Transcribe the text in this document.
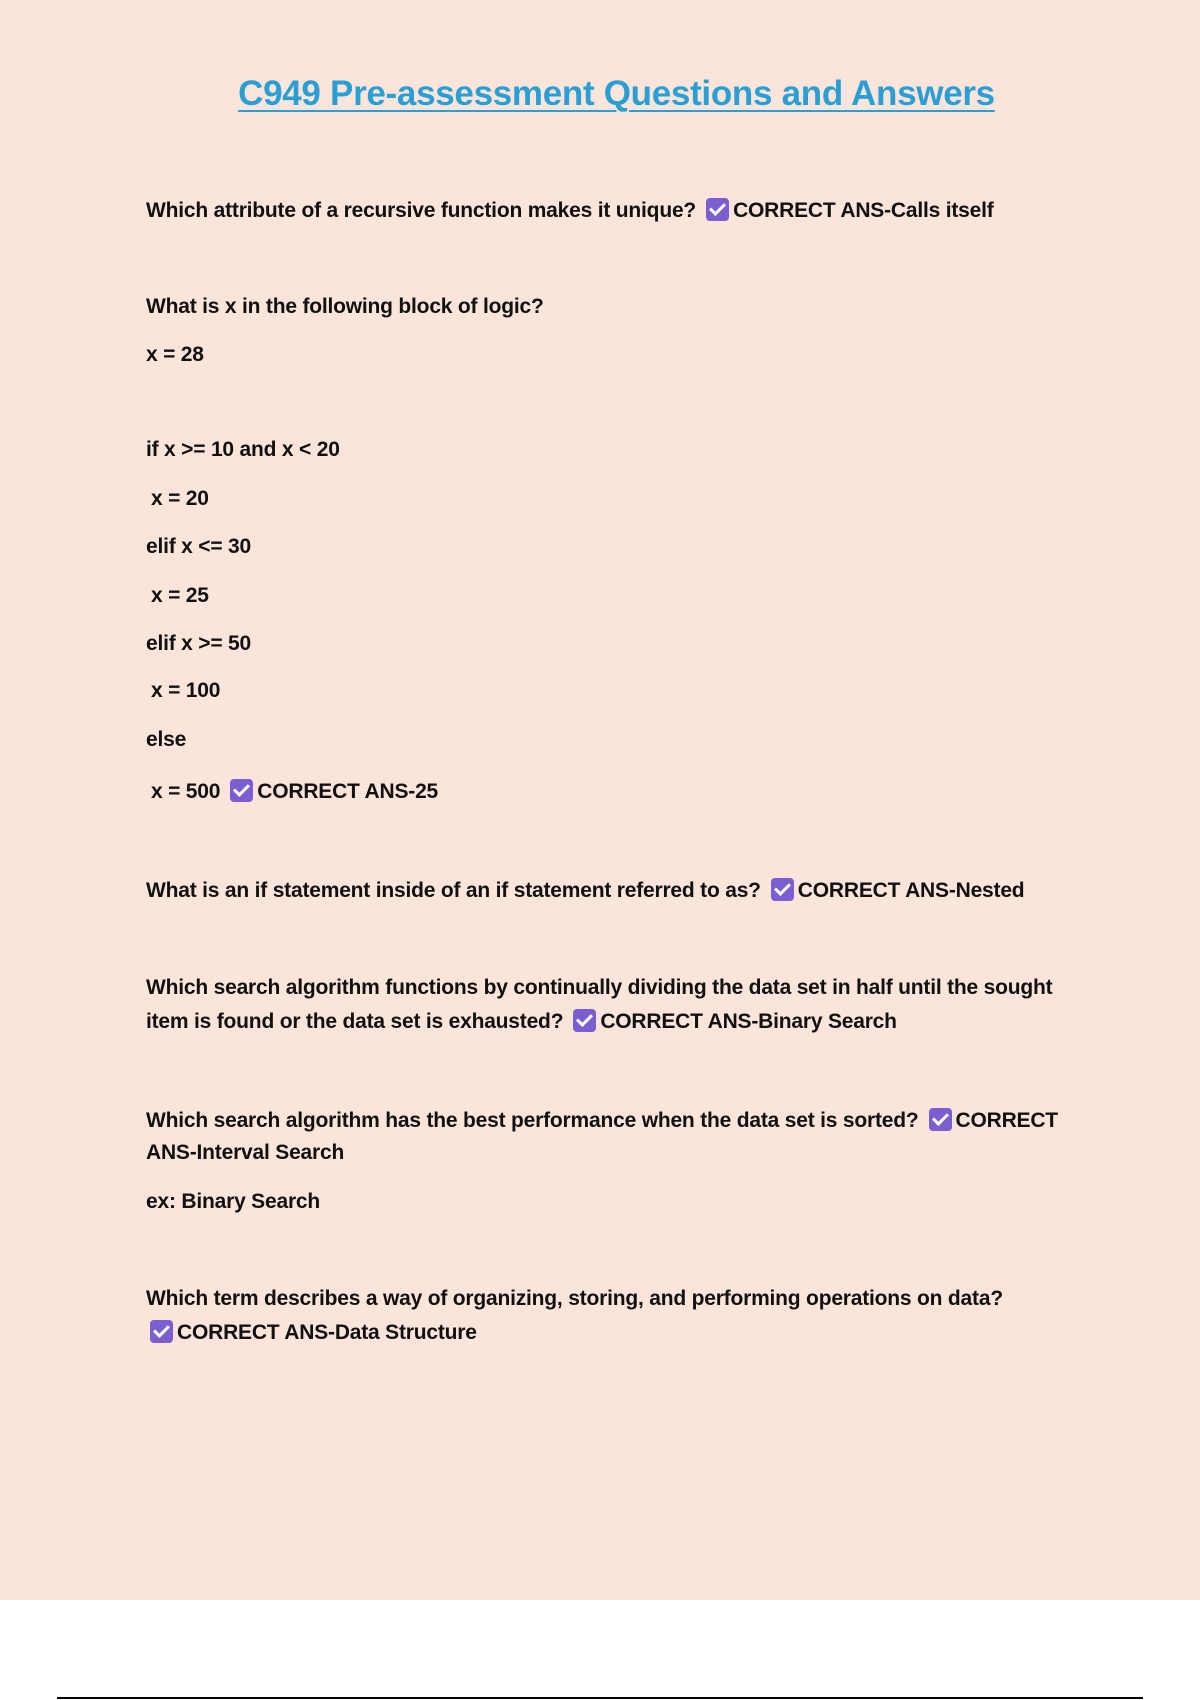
C949 Pre-assessment Questions and Answers
Which attribute of a recursive function makes it unique? CORRECT ANS-Calls itself
What is x in the following block of logic?
x = 28
if x >= 10 and x < 20
x = 20
elif x <= 30
x = 25
elif x >= 50
x = 100
else
x = 500 CORRECT ANS-25
What is an if statement inside of an if statement referred to as? CORRECT ANS-Nested
Which search algorithm functions by continually dividing the data set in half until the sought
item is found or the data set is exhausted? CORRECT ANS-Binary Search
Which search algorithm has the best performance when the data set is sorted? CORRECT
ANS-Interval Search
ex: Binary Search
Which term describes a way of organizing, storing, and performing operations on data?
CORRECT ANS-Data Structure
